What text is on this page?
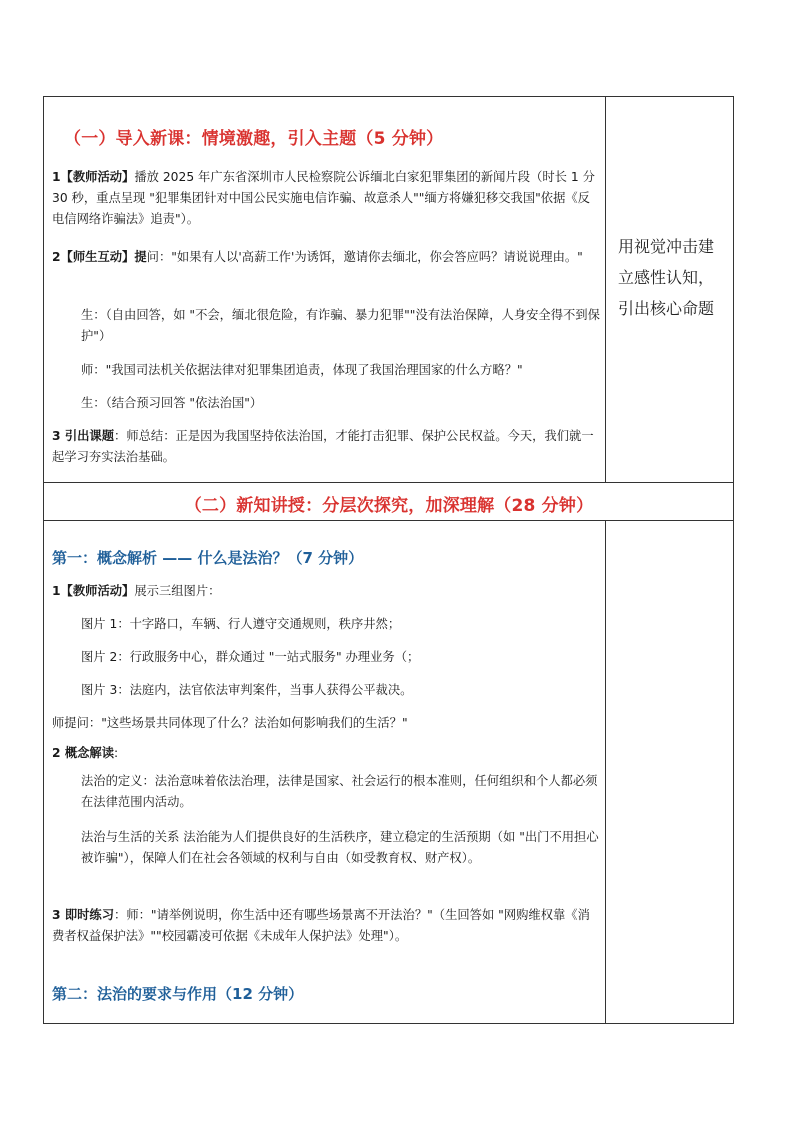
（一）导入新课：情境激趣，引入主题（5 分钟）

1【教师活动】播放 2025 年广东省深圳市人民检察院公诉缅北白家犯罪集团的新闻片段（时长 1 分 30 秒，重点呈现 "犯罪集团针对中国公民实施电信诈骗、故意杀人""缅方将嫌犯移交我国"依据《反电信网络诈骗法》追责"）。

2【师生互动】提问："如果有人以'高薪工作'为诱饵，邀请你去缅北，你会答应吗？请说说理由。"

生：（自由回答，如 "不会，缅北很危险，有诈骗、暴力犯罪""没有法治保障，人身安全得不到保护"）

师："我国司法机关依据法律对犯罪集团追责，体现了我国治理国家的什么方略？"

生：（结合预习回答 "依法治国"）

3 引出课题：师总结：正是因为我国坚持依法治国，才能打击犯罪、保护公民权益。今天，我们就一起学习夯实法治基础。

用视觉冲击建立感性认知，引出核心命题
（二）新知讲授：分层次探究，加深理解（28 分钟）
第一：概念解析 —— 什么是法治？（7 分钟）

1【教师活动】展示三组图片：

图片 1：十字路口，车辆、行人遵守交通规则，秩序井然；

图片 2：行政服务中心，群众通过 "一站式服务" 办理业务（；

图片 3：法庭内，法官依法审判案件，当事人获得公平裁决。

师提问："这些场景共同体现了什么？法治如何影响我们的生活？"

2 概念解读:

法治的定义：法治意味着依法治理，法律是国家、社会运行的根本准则，任何组织和个人都必须在法律范围内活动。

法治与生活的关系 法治能为人们提供良好的生活秩序，建立稳定的生活预期（如 "出门不用担心被诈骗"），保障人们在社会各领域的权利与自由（如受教育权、财产权）。

3 即时练习：师："请举例说明，你生活中还有哪些场景离不开法治？"（生回答如 "网购维权靠《消费者权益保护法》""校园霸凌可依据《未成年人保护法》处理"）。

第二：法治的要求与作用（12 分钟）
